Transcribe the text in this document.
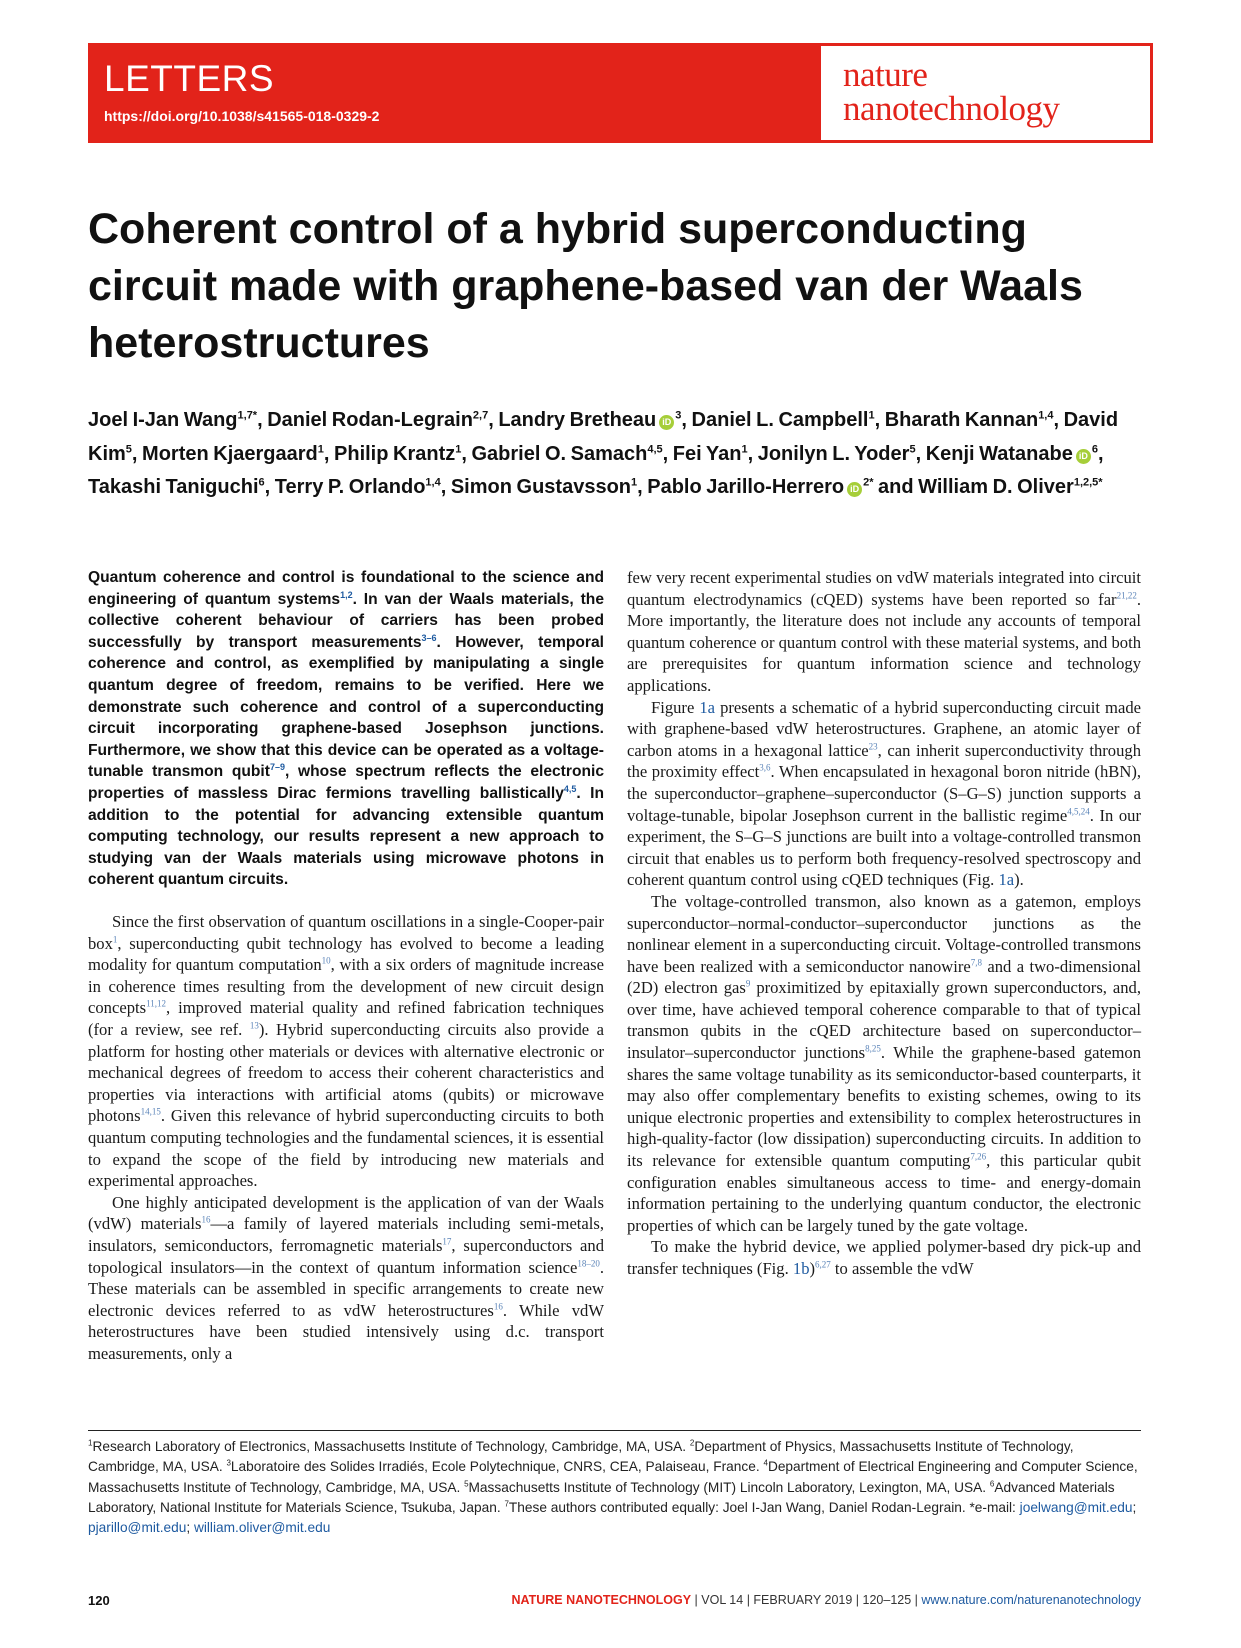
LETTERS
https://doi.org/10.1038/s41565-018-0329-2
nature
nanotechnology
Coherent control of a hybrid superconducting circuit made with graphene-based van der Waals heterostructures
Joel I-Jan Wang$^{1,7*}$, Daniel Rodan-Legrain$^{2,7}$, Landry Bretheau $iD^3$, Daniel L. Campbell$^1$, Bharath Kannan$^{1,4}$, David Kim$^5$, Morten Kjaergaard$^1$, Philip Krantz$^1$, Gabriel O. Samach$^{4,5}$, Fei Yan$^1$, Jonilyn L. Yoder$^5$, Kenji Watanabe $iD^6$, Takashi Taniguchi$^6$, Terry P. Orlando$^{1,4}$, Simon Gustavsson$^1$, Pablo Jarillo-Herrero $iD^{2*}$ and William D. Oliver$^{1,2,5*}$

Quantum coherence and control is foundational to the science and engineering of quantum systems$^{1,2}$. In van der Waals materials, the collective coherent behaviour of carriers has been probed successfully by transport measurements$^{3-6}$. However, temporal coherence and control, as exemplified by manipulating a single quantum degree of freedom, remains to be verified. Here we demonstrate such coherence and control of a superconducting circuit incorporating graphene-based Josephson junctions. Furthermore, we show that this device can be operated as a voltage-tunable transmon qubit$^{7-9}$, whose spectrum reflects the electronic properties of massless Dirac fermions travelling ballistically$^{4,5}$. In addition to the potential for advancing extensible quantum computing technology, our results represent a new approach to studying van der Waals materials using microwave photons in coherent quantum circuits.

Since the first observation of quantum oscillations in a single-Cooper-pair box$^1$, superconducting qubit technology has evolved to become a leading modality for quantum computation$^{10}$, with a six orders of magnitude increase in coherence times resulting from the development of new circuit design concepts$^{11,12}$, improved material quality and refined fabrication techniques (for a review, see ref. $^{13}$). Hybrid superconducting circuits also provide a platform for hosting other materials or devices with alternative electronic or mechanical degrees of freedom to access their coherent characteristics and properties via interactions with artificial atoms (qubits) or microwave photons$^{14,15}$. Given this relevance of hybrid superconducting circuits to both quantum computing technologies and the fundamental sciences, it is essential to expand the scope of the field by introducing new materials and experimental approaches.

One highly anticipated development is the application of van der Waals (vdW) materials$^{16}$—a family of layered materials including semi-metals, insulators, semiconductors, ferromagnetic materials$^{17}$, superconductors and topological insulators—in the context of quantum information science$^{18-20}$. These materials can be assembled in specific arrangements to create new electronic devices referred to as vdW heterostructures$^{16}$. While vdW heterostructures have been studied intensively using d.c. transport measurements, only a

few very recent experimental studies on vdW materials integrated into circuit quantum electrodynamics (cQED) systems have been reported so far$^{21,22}$. More importantly, the literature does not include any accounts of temporal quantum coherence or quantum control with these material systems, and both are prerequisites for quantum information science and technology applications.

Figure 1a presents a schematic of a hybrid superconducting circuit made with graphene-based vdW heterostructures. Graphene, an atomic layer of carbon atoms in a hexagonal lattice$^{23}$, can inherit superconductivity through the proximity effect$^{3,6}$. When encapsulated in hexagonal boron nitride (hBN), the superconductor–graphene–superconductor (S–G–S) junction supports a voltage-tunable, bipolar Josephson current in the ballistic regime$^{4,5,24}$. In our experiment, the S–G–S junctions are built into a voltage-controlled transmon circuit that enables us to perform both frequency-resolved spectroscopy and coherent quantum control using cQED techniques (Fig. 1a).

The voltage-controlled transmon, also known as a gatemon, employs superconductor–normal-conductor–superconductor junctions as the nonlinear element in a superconducting circuit. Voltage-controlled transmons have been realized with a semiconductor nanowire$^{7,8}$ and a two-dimensional (2D) electron gas$^9$ proximitized by epitaxially grown superconductors, and, over time, have achieved temporal coherence comparable to that of typical transmon qubits in the cQED architecture based on superconductor–insulator–superconductor junctions$^{8,25}$. While the graphene-based gatemon shares the same voltage tunability as its semiconductor-based counterparts, it may also offer complementary benefits to existing schemes, owing to its unique electronic properties and extensibility to complex heterostructures in high-quality-factor (low dissipation) superconducting circuits. In addition to its relevance for extensible quantum computing$^{7,26}$, this particular qubit configuration enables simultaneous access to time- and energy-domain information pertaining to the underlying quantum conductor, the electronic properties of which can be largely tuned by the gate voltage.

To make the hybrid device, we applied polymer-based dry pick-up and transfer techniques (Fig. 1b)$^{6,27}$ to assemble the vdW

$^1$Research Laboratory of Electronics, Massachusetts Institute of Technology, Cambridge, MA, USA. $^2$Department of Physics, Massachusetts Institute of Technology, Cambridge, MA, USA. $^3$Laboratoire des Solides Irradiés, Ecole Polytechnique, CNRS, CEA, Palaiseau, France. $^4$Department of Electrical Engineering and Computer Science, Massachusetts Institute of Technology, Cambridge, MA, USA. $^5$Massachusetts Institute of Technology (MIT) Lincoln Laboratory, Lexington, MA, USA. $^6$Advanced Materials Laboratory, National Institute for Materials Science, Tsukuba, Japan. $^7$These authors contributed equally: Joel I-Jan Wang, Daniel Rodan-Legrain. *e-mail: joelwang@mit.edu; pjarillo@mit.edu; william.oliver@mit.edu

120	NATURE NANOTECHNOLOGY | VOL 14 | FEBRUARY 2019 | 120–125 | www.nature.com/naturenanotechnology
